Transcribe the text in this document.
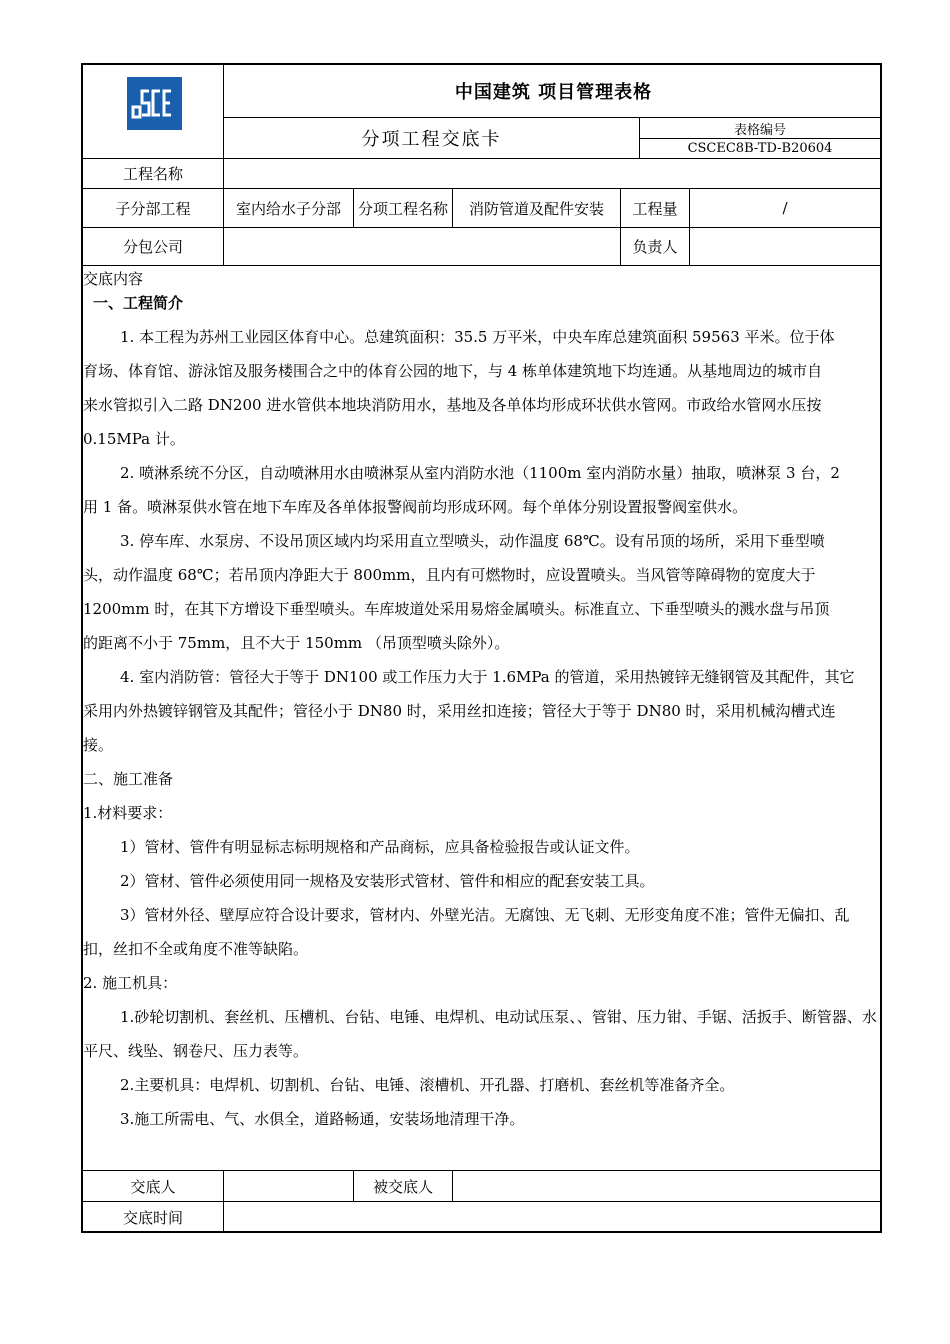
中国建筑 项目管理表格
分项工程交底卡	表格编号
CSCEC8B-TD-B20604
工程名称
子分部工程	室内给水子分部	分项工程名称	消防管道及配件安装	工程量	/
分包公司	负责人
交底内容

一、工程简介

1. 本工程为苏州工业园区体育中心。总建筑面积：35.5 万平米，中央车库总建筑面积 59563 平米。位于体

育场、体育馆、游泳馆及服务楼围合之中的体育公园的地下，与 4 栋单体建筑地下均连通。从基地周边的城市自

来水管拟引入二路 DN200 进水管供本地块消防用水，基地及各单体均形成环状供水管网。市政给水管网水压按

0.15MPa 计。

2. 喷淋系统不分区，自动喷淋用水由喷淋泵从室内消防水池（1100m 室内消防水量）抽取，喷淋泵 3 台，2

用 1 备。喷淋泵供水管在地下车库及各单体报警阀前均形成环网。每个单体分别设置报警阀室供水。

3. 停车库、水泵房、不设吊顶区域内均采用直立型喷头，动作温度 68℃。设有吊顶的场所，采用下垂型喷

头，动作温度 68℃；若吊顶内净距大于 800mm，且内有可燃物时，应设置喷头。当风管等障碍物的宽度大于

1200mm 时，在其下方增设下垂型喷头。车库坡道处采用易熔金属喷头。标准直立、下垂型喷头的溅水盘与吊顶

的距离不小于 75mm，且不大于 150mm （吊顶型喷头除外）。

4. 室内消防管：管径大于等于 DN100 或工作压力大于 1.6MPa 的管道，采用热镀锌无缝钢管及其配件，其它

采用内外热镀锌钢管及其配件；管径小于 DN80 时，采用丝扣连接；管径大于等于 DN80 时，采用机械沟槽式连

接。

二、施工准备

1.材料要求：

1）管材、管件有明显标志标明规格和产品商标，应具备检验报告或认证文件。

2）管材、管件必须使用同一规格及安装形式管材、管件和相应的配套安装工具。

3）管材外径、壁厚应符合设计要求，管材内、外壁光洁。无腐蚀、无飞刺、无形变角度不准；管件无偏扣、乱

扣，丝扣不全或角度不准等缺陷。

2. 施工机具：

1.砂轮切割机、套丝机、压槽机、台钻、电锤、电焊机、电动试压泵、、管钳、压力钳、手锯、活扳手、断管器、水

平尺、线坠、钢卷尺、压力表等。

2.主要机具：电焊机、切割机、台钻、电锤、滚槽机、开孔器、打磨机、套丝机等准备齐全。

3.施工所需电、气、水俱全，道路畅通，安装场地清理干净。

交底人	被交底人
交底时间
